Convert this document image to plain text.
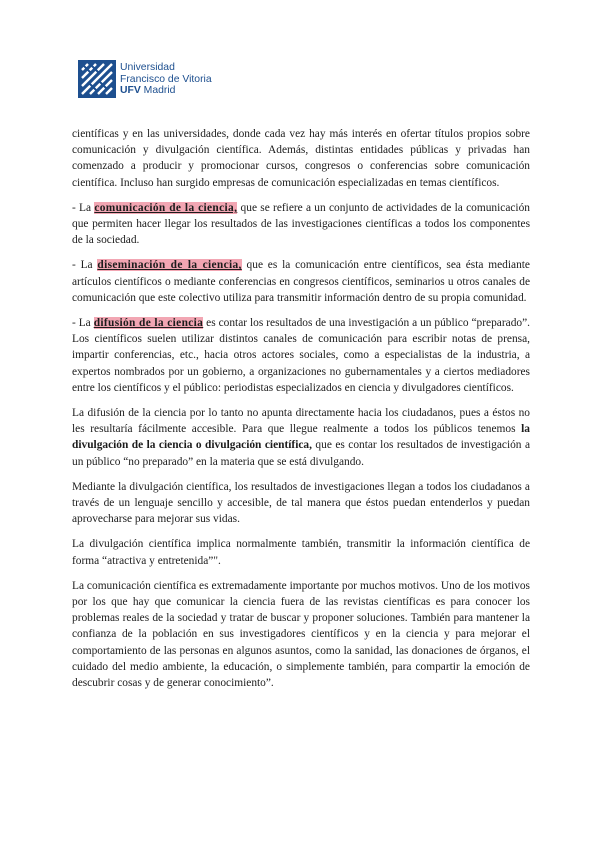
Universidad
Francisco de Vitoria
UFV Madrid

científicas y en las universidades, donde cada vez hay más interés en ofertar títulos propios sobre comunicación y divulgación científica. Además, distintas entidades públicas y privadas han comenzado a producir y promocionar cursos, congresos o conferencias sobre comunicación científica. Incluso han surgido empresas de comunicación especializadas en temas científicos.

- La comunicación de la ciencia, que se refiere a un conjunto de actividades de la comunicación que permiten hacer llegar los resultados de las investigaciones científicas a todos los componentes de la sociedad.

- La diseminación de la ciencia, que es la comunicación entre científicos, sea ésta mediante artículos científicos o mediante conferencias en congresos científicos, seminarios u otros canales de comunicación que este colectivo utiliza para transmitir información dentro de su propia comunidad.

- La difusión de la ciencia es contar los resultados de una investigación a un público “preparado”. Los científicos suelen utilizar distintos canales de comunicación para escribir notas de prensa, impartir conferencias, etc., hacia otros actores sociales, como a especialistas de la industria, a expertos nombrados por un gobierno, a organizaciones no gubernamentales y a ciertos mediadores entre los científicos y el público: periodistas especializados en ciencia y divulgadores científicos.

La difusión de la ciencia por lo tanto no apunta directamente hacia los ciudadanos, pues a éstos no les resultaría fácilmente accesible. Para que llegue realmente a todos los públicos tenemos la divulgación de la ciencia o divulgación científica, que es contar los resultados de investigación a un público “no preparado” en la materia que se está divulgando.

Mediante la divulgación científica, los resultados de investigaciones llegan a todos los ciudadanos a través de un lenguaje sencillo y accesible, de tal manera que éstos puedan entenderlos y puedan aprovecharse para mejorar sus vidas.

La divulgación científica implica normalmente también, transmitir la información científica de forma “atractiva y entretenida”".

La comunicación científica es extremadamente importante por muchos motivos. Uno de los motivos por los que hay que comunicar la ciencia fuera de las revistas científicas es para conocer los problemas reales de la sociedad y tratar de buscar y proponer soluciones. También para mantener la confianza de la población en sus investigadores científicos y en la ciencia y para mejorar el comportamiento de las personas en algunos asuntos, como la sanidad, las donaciones de órganos, el cuidado del medio ambiente, la educación, o simplemente también, para compartir la emoción de descubrir cosas y de generar conocimiento”.
